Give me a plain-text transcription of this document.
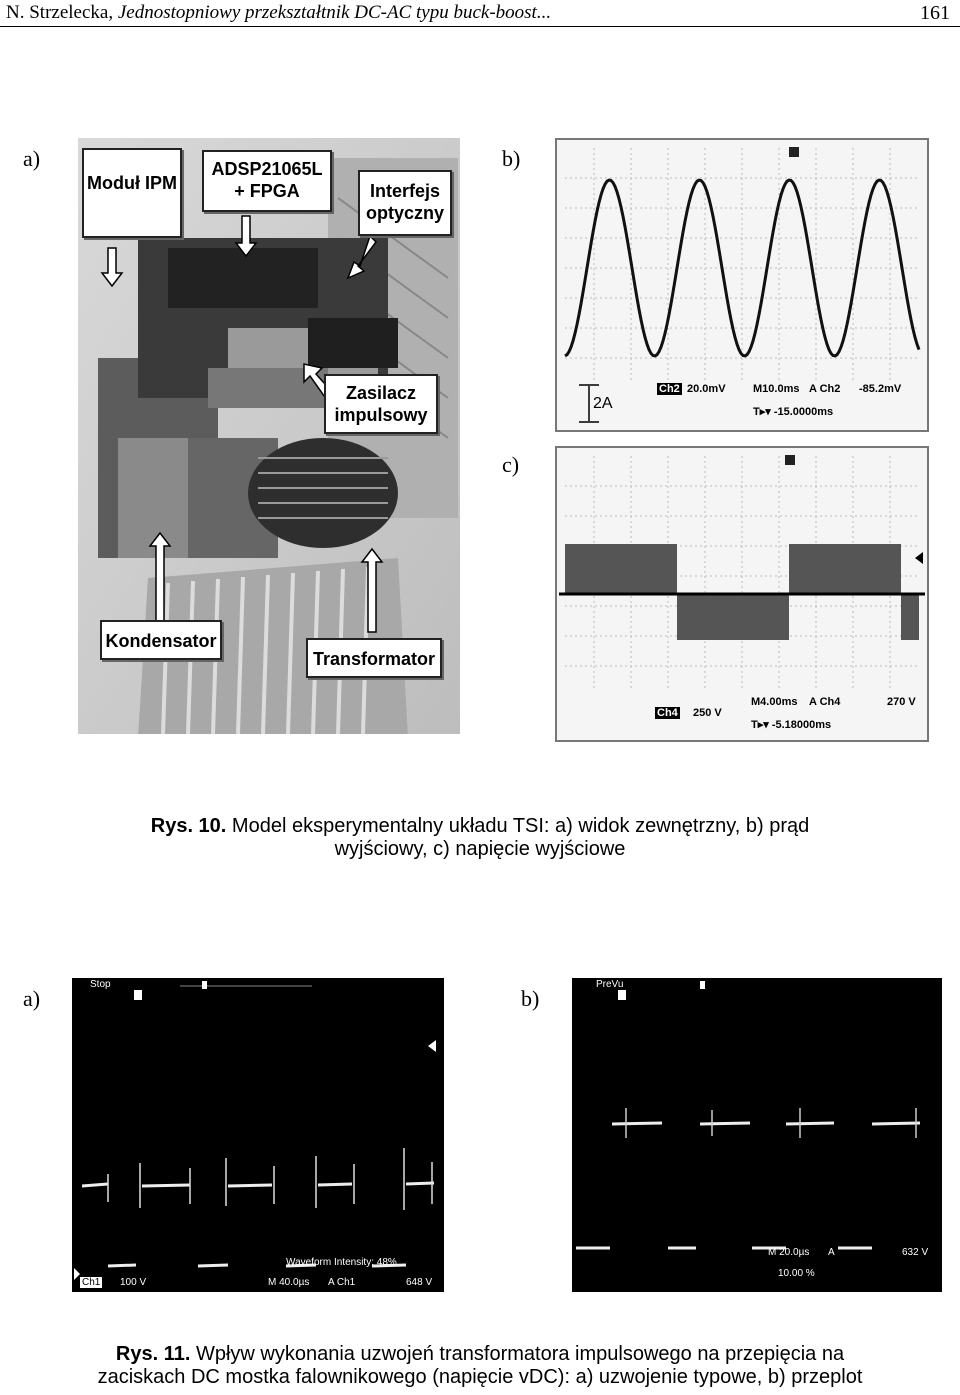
N. Strzelecka, Jednostopniowy przekształtnik DC-AC typu buck-boost...	161
a)	b)
c)
Moduł IPM
ADSP21065L + FPGA	Interfejs optyczny
Zasilacz impulsowy
Kondensator
Transformator
2A
Ch2 20.0mV M10.0ms A Ch2 -85.2mV
T▸▾ -15.0000ms
M4.00ms A Ch4	270 V
Ch4 250 V
T▸▾ -5.18000ms
Rys. 10. Model eksperymentalny układu TSI: a) widok zewnętrzny, b) prąd
wyjściowy, c) napięcie wyjściowe
a)	b)
Stop
Waveform Intensity: 48%
Ch1 100 V	M 40.0µs A Ch1	648 V
PreVu
M 20.0µs A	632 V
10.00 %
Rys. 11. Wpływ wykonania uzwojeń transformatora impulsowego na przepięcia na
zaciskach DC mostka falownikowego (napięcie vDC): a) uzwojenie typowe, b) przeplot
